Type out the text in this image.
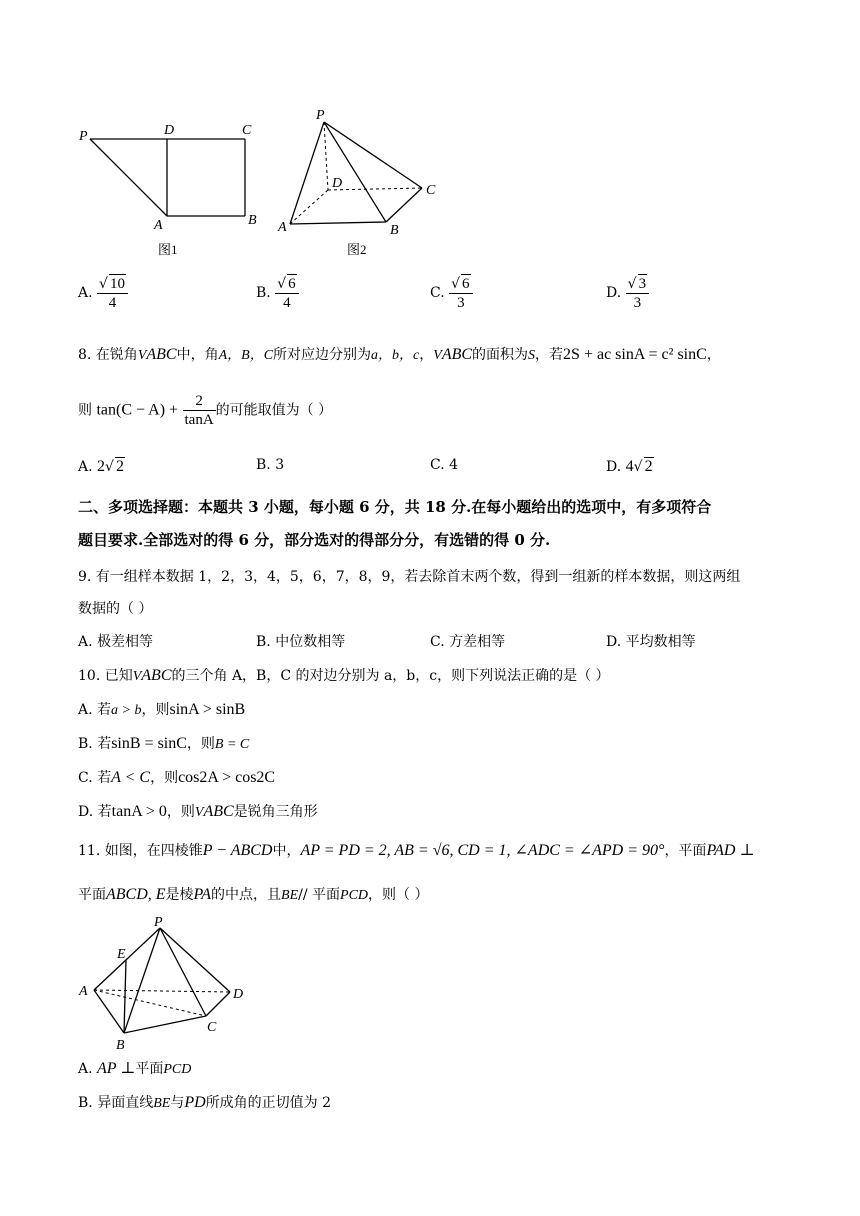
P	D	C
A	B
图1
P
D	C
A	B
图2
A. $\frac{√ 10}{4}$	B. $\frac{√ 6}{4}$	C. $\frac{√ 6}{3}$	D. $\frac{√ 3}{3}$
8. 在锐角VABC中，角A，B，C所对应边分别为a，b，c，VABC的面积为S，若2S + ac sinA = c² sinC，
则 $\tan(C - A) + \frac{2}{\tan A}$ 的可能取值为（ ）
A. 2√ 2	B. 3	C. 4	D. 4√ 2
二、多项选择题：本题共 3 小题，每小题 6 分，共 18 分.在每小题给出的选项中，有多项符合
题目要求.全部选对的得 6 分，部分选对的得部分分，有选错的得 0 分.
9. 有一组样本数据 1，2，3，4，5，6，7，8，9，若去除首末两个数，得到一组新的样本数据，则这两组
数据的（ ）
A. 极差相等	B. 中位数相等	C. 方差相等	D. 平均数相等
10. 已知VABC的三个角 A，B，C 的对边分别为 a，b，c，则下列说法正确的是（ ）
A. 若a > b，则sinA > sinB
B. 若sinB = sinC，则B = C
C. 若A < C，则cos2A > cos2C
D. 若tanA > 0，则VABC是锐角三角形
11. 如图，在四棱锥P − ABCD中，AP = PD = 2, AB = √6, CD = 1, ∠ADC = ∠APD = 90°，平面PAD ⊥
平面ABCD, E是棱PA的中点，且BE// 平面PCD，则（ ）
P
E
A	D
B
C
A. AP ⊥平面PCD
B. 异面直线BE与PD所成角的正切值为 2
